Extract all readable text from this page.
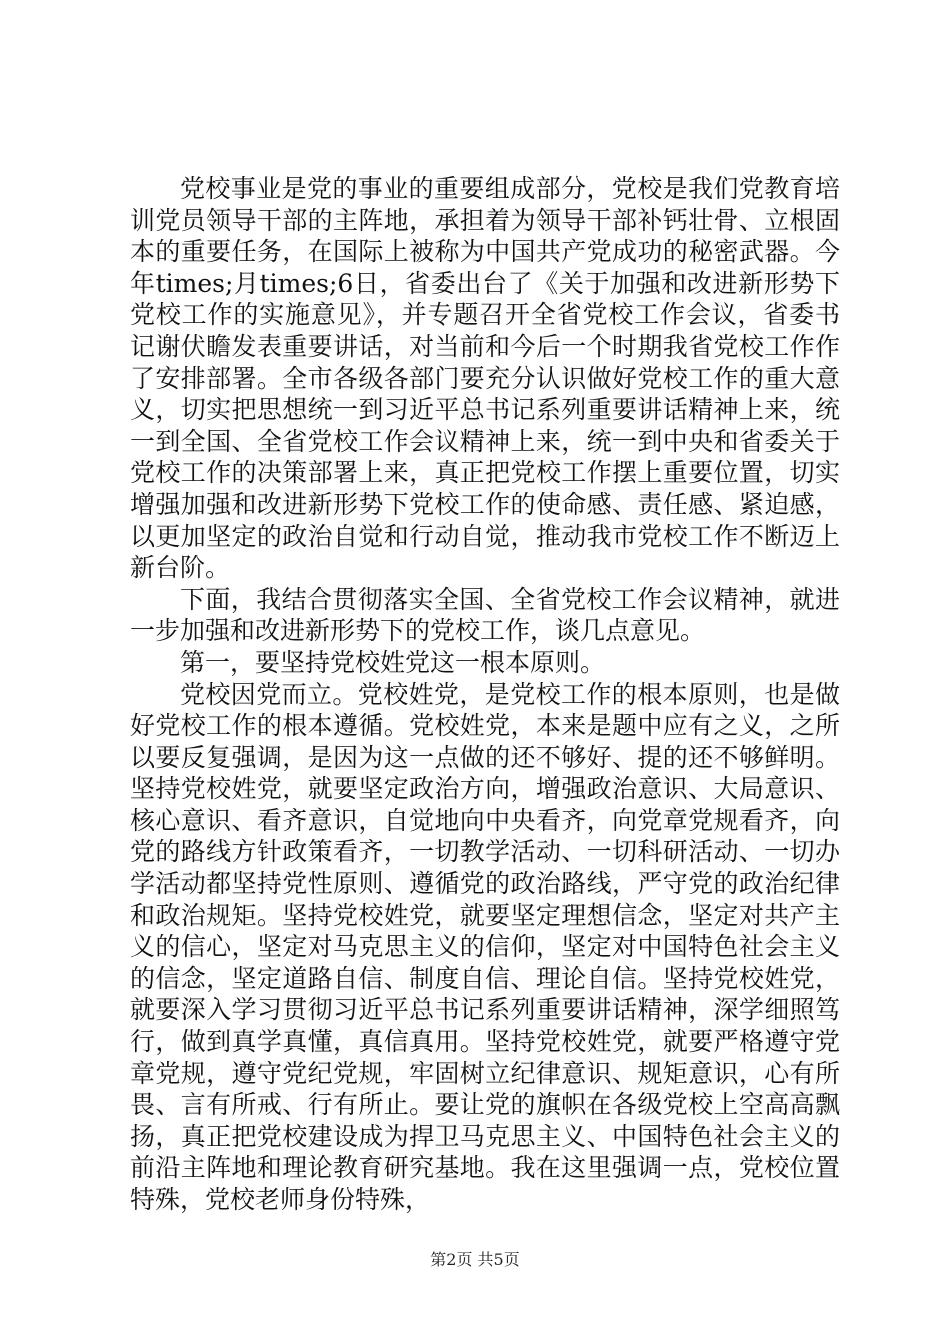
党校事业是党的事业的重要组成部分，党校是我们党教育培训党员领导干部的主阵地，承担着为领导干部补钙壮骨、立根固本的重要任务，在国际上被称为中国共产党成功的秘密武器。今年times;月times;6日，省委出台了《关于加强和改进新形势下党校工作的实施意见》，并专题召开全省党校工作会议，省委书记谢伏瞻发表重要讲话，对当前和今后一个时期我省党校工作作了安排部署。全市各级各部门要充分认识做好党校工作的重大意义，切实把思想统一到习近平总书记系列重要讲话精神上来，统一到全国、全省党校工作会议精神上来，统一到中央和省委关于党校工作的决策部署上来，真正把党校工作摆上重要位置，切实增强加强和改进新形势下党校工作的使命感、责任感、紧迫感，以更加坚定的政治自觉和行动自觉，推动我市党校工作不断迈上新台阶。

下面，我结合贯彻落实全国、全省党校工作会议精神，就进一步加强和改进新形势下的党校工作，谈几点意见。

第一，要坚持党校姓党这一根本原则。

党校因党而立。党校姓党，是党校工作的根本原则，也是做好党校工作的根本遵循。党校姓党，本来是题中应有之义，之所以要反复强调，是因为这一点做的还不够好、提的还不够鲜明。坚持党校姓党，就要坚定政治方向，增强政治意识、大局意识、核心意识、看齐意识，自觉地向中央看齐，向党章党规看齐，向党的路线方针政策看齐，一切教学活动、一切科研活动、一切办学活动都坚持党性原则、遵循党的政治路线，严守党的政治纪律和政治规矩。坚持党校姓党，就要坚定理想信念，坚定对共产主义的信心，坚定对马克思主义的信仰，坚定对中国特色社会主义的信念，坚定道路自信、制度自信、理论自信。坚持党校姓党，就要深入学习贯彻习近平总书记系列重要讲话精神，深学细照笃行，做到真学真懂，真信真用。坚持党校姓党，就要严格遵守党章党规，遵守党纪党规，牢固树立纪律意识、规矩意识，心有所畏、言有所戒、行有所止。要让党的旗帜在各级党校上空高高飘扬，真正把党校建设成为捍卫马克思主义、中国特色社会主义的前沿主阵地和理论教育研究基地。我在这里强调一点，党校位置特殊，党校老师身份特殊，

第2页 共5页
